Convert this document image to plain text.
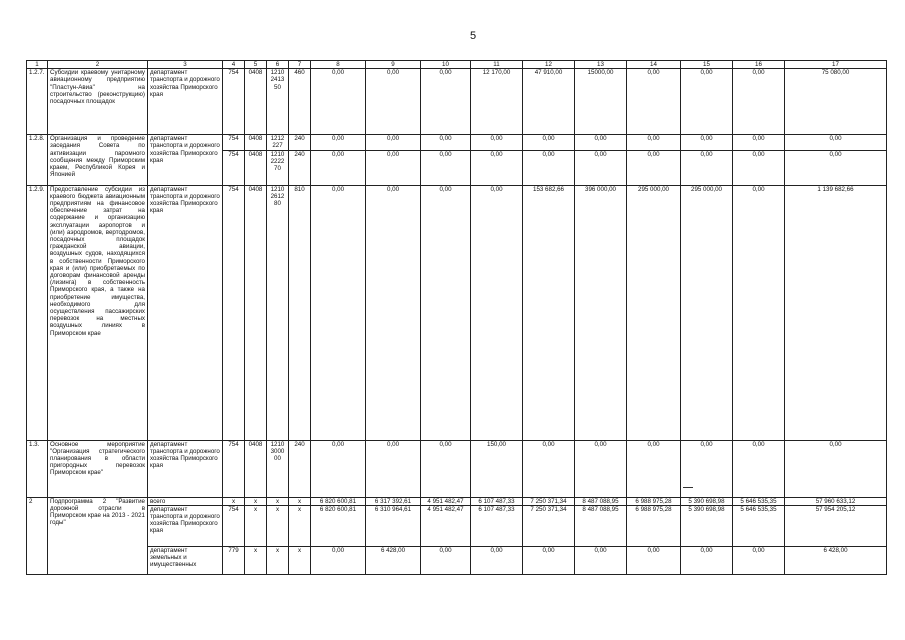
5
1	2	3	4	5	6	7	8	9	10	11	12	13	14	15	16	17
1.2.7.	Субсидии краевому унитарному авиационному предприятию "Пластун-Авиа" на строительство (реконструкцию) посадочных площадок	департамент транспорта и дорожного хозяйства Приморского края	754	0408	1210 2413 50	460	0,00	0,00	0,00	12 170,00	47 910,00	15000,00	0,00	0,00	0,00	75 080,00
1.2.8.	Организация и проведение заседания Совета по активизации паромного сообщения между Приморским краем, Республикой Корея и Японией	департамент транспорта и дорожного хозяйства Приморского края	754	0408	1212 227	240	0,00	0,00	0,00	0,00	0,00	0,00	0,00	0,00	0,00	0,00
			754	0408	1210 2222 70	240	0,00	0,00	0,00	0,00	0,00	0,00	0,00	0,00	0,00	0,00
1.2.9.	Предоставление субсидии из краевого бюджета авиационным предприятиям на финансовое обеспечение затрат на содержание и организацию эксплуатации аэропортов и (или) аэродромов, вертодромов, посадочных площадок гражданской авиации, воздушных судов, находящихся в собственности Приморского края и (или) приобретаемых по договорам финансовой аренды (лизинга) в собственность Приморского края, а также на приобретение имущества, необходимого для осуществления пассажирских перевозок на местных воздушных линиях в Приморском крае	департамент транспорта и дорожного хозяйства Приморского края	754	0408	1210 2612 80	810	0,00	0,00	0,00	0,00	153 682,66	396 000,00	295 000,00	295 000,00	0,00	1 139 682,66
1.3.	Основное мероприятие "Организация стратегического планирования в области пригородных перевозок Приморском крае"	департамент транспорта и дорожного хозяйства Приморского края	754	0408	1210 3000 00	240	0,00	0,00	0,00	150,00	0,00	0,00	0,00	0,00	0,00	0,00
2	Подпрограмма 2 "Развитие дорожной отрасли в Приморском крае на 2013 - 2021 годы"	всего	x	x	x	x	6 820 600,81	6 317 392,61	4 951 482,47	6 107 487,33	7 250 371,34	8 487 088,95	6 988 975,28	5 390 698,98	5 646 535,35	57 960 633,12
		департамент транспорта и дорожного хозяйства Приморского края	754	x	x	x	6 820 600,81	6 310 964,61	4 951 482,47	6 107 487,33	7 250 371,34	8 487 088,95	6 988 975,28	5 390 698,98	5 646 535,35	57 954 205,12
		департамент земельных и имущественных	779	x	x	x	0,00	6 428,00	0,00	0,00	0,00	0,00	0,00	0,00	0,00	6 428,00
